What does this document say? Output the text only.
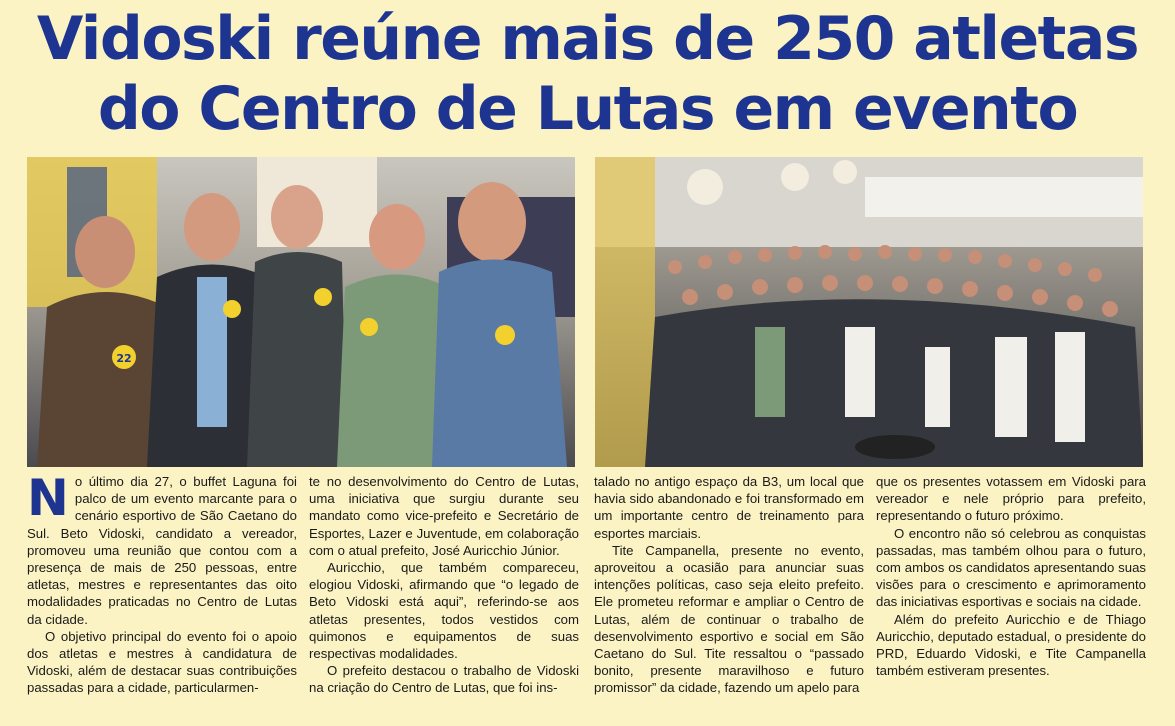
Vidoski reúne mais de 250 atletas
do Centro de Lutas em evento
22

No último dia 27, o buffet Laguna foi palco de um evento marcante para o cenário esportivo de São Caetano do Sul. Beto Vidoski, candidato a vereador, promoveu uma reunião que contou com a presença de mais de 250 pessoas, entre atletas, mestres e representantes das oito modalidades praticadas no Centro de Lutas da cidade.

O objetivo principal do evento foi o apoio dos atletas e mestres à candidatura de Vidoski, além de destacar suas contribuições passadas para a cidade, particularmen-

te no desenvolvimento do Centro de Lutas, uma iniciativa que surgiu durante seu mandato como vice-prefeito e Secretário de Esportes, Lazer e Juventude, em colaboração com o atual prefeito, José Auricchio Júnior.

Auricchio, que também compareceu, elogiou Vidoski, afirmando que “o legado de Beto Vidoski está aqui”, referindo-se aos atletas presentes, todos vestidos com quimonos e equipamentos de suas respectivas modalidades.

O prefeito destacou o trabalho de Vidoski na criação do Centro de Lutas, que foi ins-

talado no antigo espaço da B3, um local que havia sido abandonado e foi transformado em um importante centro de treinamento para esportes marciais.

Tite Campanella, presente no evento, aproveitou a ocasião para anunciar suas intenções políticas, caso seja eleito prefeito. Ele prometeu reformar e ampliar o Centro de Lutas, além de continuar o trabalho de desenvolvimento esportivo e social em São Caetano do Sul. Tite ressaltou o “passado bonito, presente maravilhoso e futuro promissor” da cidade, fazendo um apelo para

que os presentes votassem em Vidoski para vereador e nele próprio para prefeito, representando o futuro próximo.

O encontro não só celebrou as conquistas passadas, mas também olhou para o futuro, com ambos os candidatos apresentando suas visões para o crescimento e aprimoramento das iniciativas esportivas e sociais na cidade.

Além do prefeito Auricchio e de Thiago Auricchio, deputado estadual, o presidente do PRD, Eduardo Vidoski, e Tite Campanella também estiveram presentes.
